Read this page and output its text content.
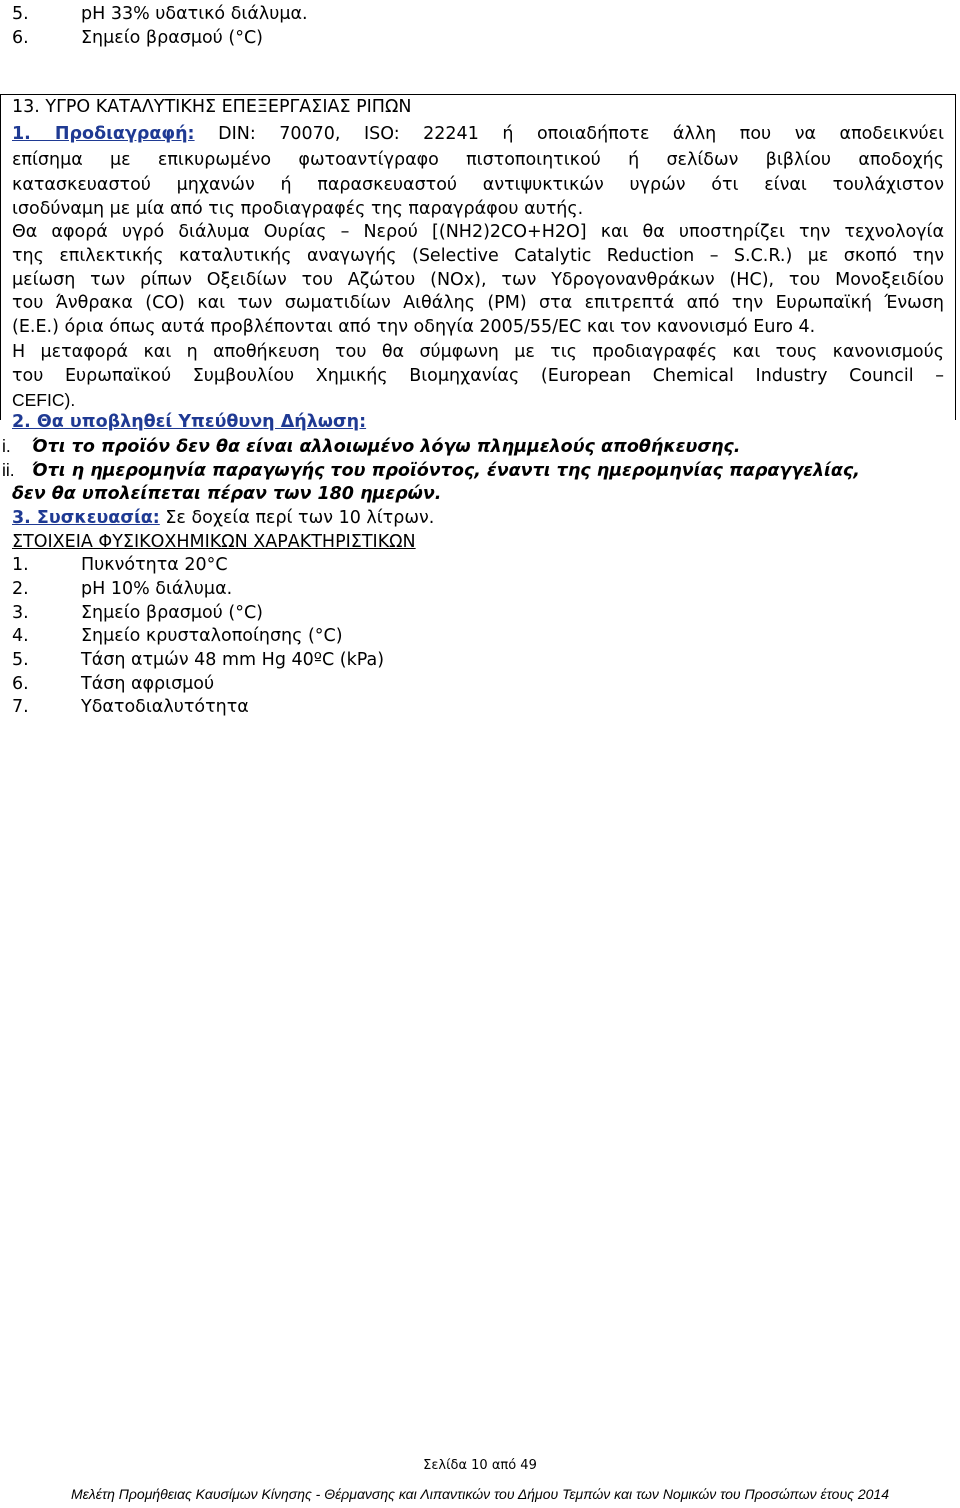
5.	pH 33% υδατικό διάλυμα.
6.	Σημείο βρασμού (°C)
13. ΥΓΡΟ ΚΑΤΑΛΥΤΙΚΗΣ ΕΠΕΞΕΡΓΑΣΙΑΣ ΡΙΠΩΝ
1. Προδιαγραφή: DIN: 70070, ISO: 22241 ή οποιαδήποτε άλλη που να αποδεικνύει
επίσημα με επικυρωμένο φωτοαντίγραφο πιστοποιητικού ή σελίδων βιβλίου αποδοχής
κατασκευαστού μηχανών ή παρασκευαστού αντιψυκτικών υγρών ότι είναι τουλάχιστον
ισοδύναμη με μία από τις προδιαγραφές της παραγράφου αυτής.
Θα αφορά υγρό διάλυμα Ουρίας – Νερού [(NH2)2CO+H2O] και θα υποστηρίζει την τεχνολογία
της επιλεκτικής καταλυτικής αναγωγής (Selective Catalytic Reduction – S.C.R.) με σκοπό την
μείωση των ρίπων Οξειδίων του Αζώτου (NOx), των Υδρογονανθράκων (HC), του Μονοξειδίου
του Άνθρακα (CO) και των σωματιδίων Αιθάλης (PM) στα επιτρεπτά από την Ευρωπαϊκή Ένωση
(Ε.Ε.) όρια όπως αυτά προβλέπονται από την οδηγία 2005/55/EC και τον κανονισμό Euro 4.
Η μεταφορά και η αποθήκευση του θα σύμφωνη με τις προδιαγραφές και τους κανονισμούς
του Ευρωπαϊκού Συμβουλίου Χημικής Βιομηχανίας (European Chemical Industry Council –
CEFIC).
2. Θα υποβληθεί Υπεύθυνη Δήλωση:
i. Ότι το προϊόν δεν θα είναι αλλοιωμένο λόγω πλημμελούς αποθήκευσης.
ii. Ότι η ημερομηνία παραγωγής του προϊόντος, έναντι της ημερομηνίας παραγγελίας,
δεν θα υπολείπεται πέραν των 180 ημερών.
3. Συσκευασία: Σε δοχεία περί των 10 λίτρων.
ΣΤΟΙΧΕΙΑ ΦΥΣΙΚΟΧΗΜΙΚΩΝ ΧΑΡΑΚΤΗΡΙΣΤΙΚΩΝ
1.	Πυκνότητα 20°C
2.	pH 10% διάλυμα.
3.	Σημείο βρασμού (°C)
4.	Σημείο κρυσταλοποίησης (°C)
5.	Τάση ατμών 48 mm Hg 40ºC (kPa)
6.	Τάση αφρισμού
7.	Υδατοδιαλυτότητα
Σελίδα 10 από 49
Μελέτη Προμήθειας Καυσίμων Κίνησης - Θέρμανσης και Λιπαντικών του Δήμου Τεμπών και των Νομικών του Προσώπων έτους 2014
